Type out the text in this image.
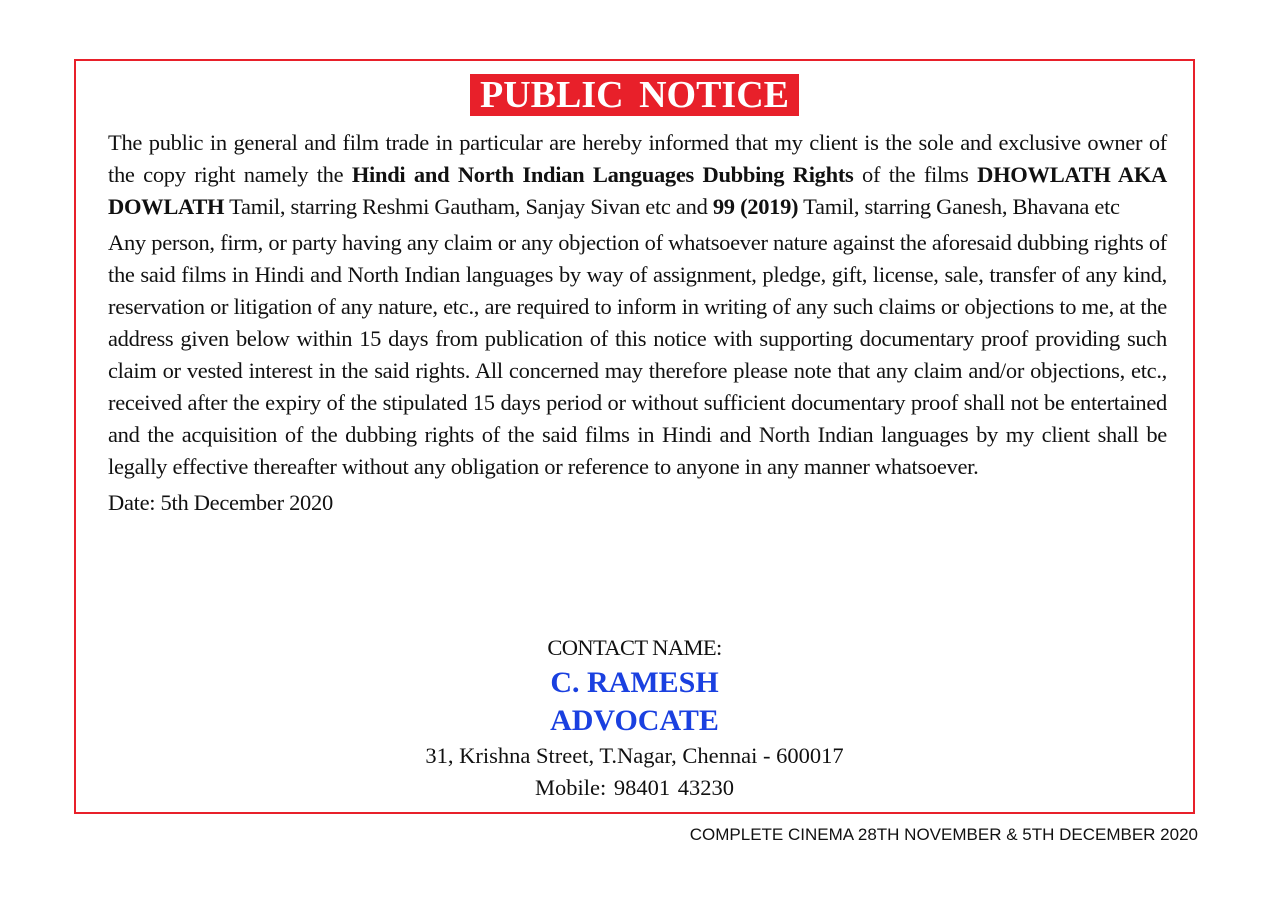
PUBLIC NOTICE

The public in general and film trade in particular are hereby informed that my client is the sole and exclusive owner of the copy right namely the Hindi and North Indian Languages Dubbing Rights of the films DHOWLATH AKA DOWLATH Tamil, starring Reshmi Gautham, Sanjay Sivan etc and 99 (2019) Tamil, starring Ganesh, Bhavana etc

Any person, firm, or party having any claim or any objection of whatsoever nature against the aforesaid dubbing rights of the said films in Hindi and North Indian languages by way of assignment, pledge, gift, license, sale, transfer of any kind, reservation or litigation of any nature, etc., are required to inform in writing of any such claims or objections to me, at the address given below within 15 days from publication of this notice with supporting documentary proof providing such claim or vested interest in the said rights. All concerned may therefore please note that any claim and/or objections, etc., received after the expiry of the stipulated 15 days period or without sufficient documentary proof shall not be entertained and the acquisition of the dubbing rights of the said films in Hindi and North Indian languages by my client shall be legally effective thereafter without any obligation or reference to anyone in any manner whatsoever.

Date: 5th December 2020

CONTACT NAME:
C. RAMESH
ADVOCATE
31, Krishna Street, T.Nagar, Chennai - 600017
Mobile: 98401 43230
COMPLETE CINEMA 28TH NOVEMBER & 5TH DECEMBER 2020
